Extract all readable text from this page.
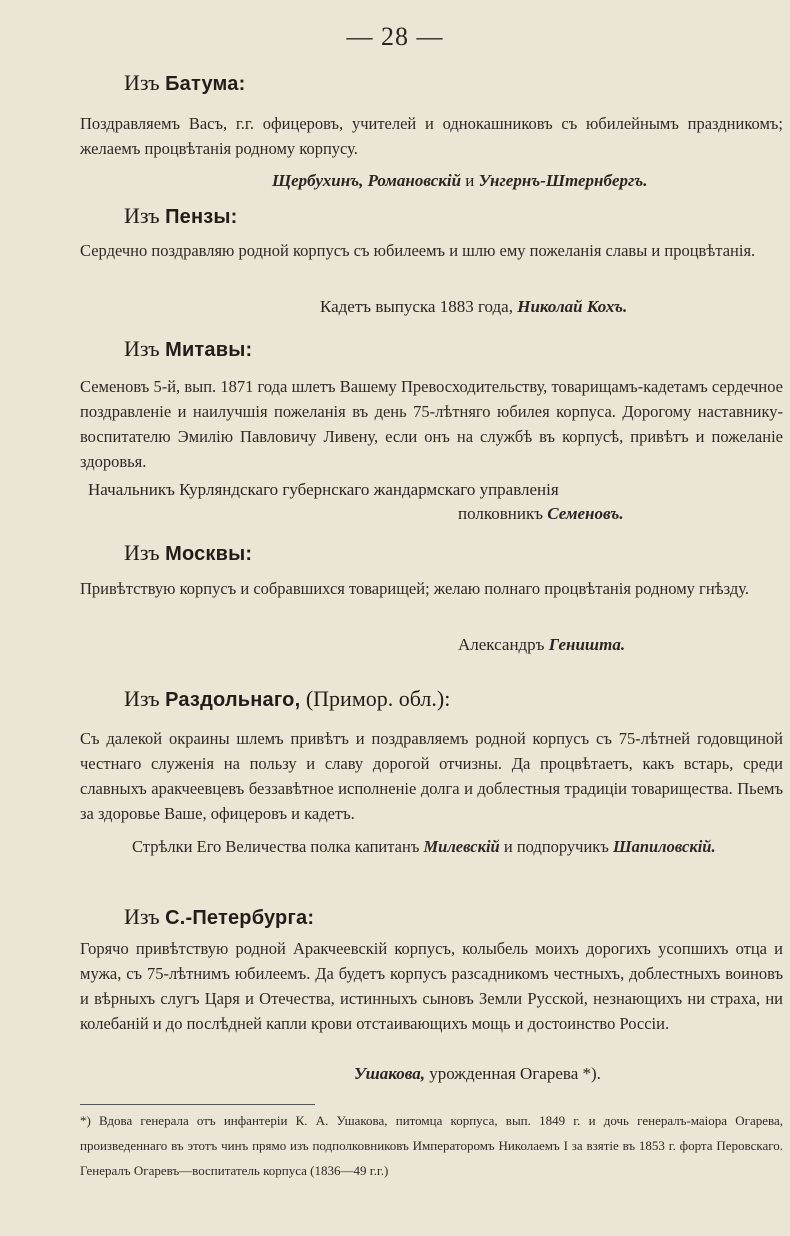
— 28 —
Изъ Батума:
Поздравляемъ Васъ, г.г. офицеровъ, учителей и однокашниковъ съ юбилейнымъ праздникомъ; желаемъ процвѣтанія родному корпусу.
Щербухинъ, Романовскій и Унгернъ-Штернбергъ.
Изъ Пензы:
Сердечно поздравляю родной корпусъ съ юбилеемъ и шлю ему пожеланія славы и процвѣтанія.
Кадетъ выпуска 1883 года, Николай Кохъ.
Изъ Митавы:
Семеновъ 5-й, вып. 1871 года шлетъ Вашему Превосходительству, товарищамъ-кадетамъ сердечное поздравленіе и наилучшія пожеланія въ день 75-лѣтняго юбилея корпуса. Дорогому наставнику-воспитателю Эмилію Павловичу Ливену, если онъ на службѣ въ корпусѣ, привѣтъ и пожеланіе здоровья.
Начальникъ Курляндскаго губернскаго жандармскаго управленія
полковникъ Семеновъ.
Изъ Москвы:
Привѣтствую корпусъ и собравшихся товарищей; желаю полнаго процвѣтанія родному гнѣзду.
Александръ Геништa.
Изъ Раздольнаго, (Примор. обл.):
Съ далекой окраины шлемъ привѣтъ и поздравляемъ родной корпусъ съ 75-лѣтней годовщиной честнаго служенія на пользу и славу дорогой отчизны. Да процвѣтаетъ, какъ встарь, среди славныхъ аракчеевцевъ беззавѣтное исполненіе долга и доблестныя традиціи товарищества. Пьемъ за здоровье Ваше, офицеровъ и кадетъ.
Стрѣлки Его Величества полка капитанъ Милевскій и подпоручикъ Шапиловскій.
Изъ С.-Петербурга:
Горячо привѣтствую родной Аракчеевскій корпусъ, колыбель моихъ дорогихъ усопшихъ отца и мужа, съ 75-лѣтнимъ юбилеемъ. Да будетъ корпусъ разсадникомъ честныхъ, доблестныхъ воиновъ и вѣрныхъ слугъ Царя и Отечества, истинныхъ сыновъ Земли Русской, незнающихъ ни страха, ни колебаній и до послѣдней капли крови отстаивающихъ мощь и достоинство Россіи.
Ушакова, урожденная Огарева *).
*) Вдова генерала отъ инфантеріи К. А. Ушакова, питомца корпуса, вып. 1849 г. и дочь генералъ-маіора Огарева, произведеннаго въ этотъ чинъ прямо изъ подполковниковъ Императоромъ Николаемъ I за взятіе въ 1853 г. форта Перовскаго. Генералъ Огаревъ—воспитатель корпуса (1836—49 г.г.)
